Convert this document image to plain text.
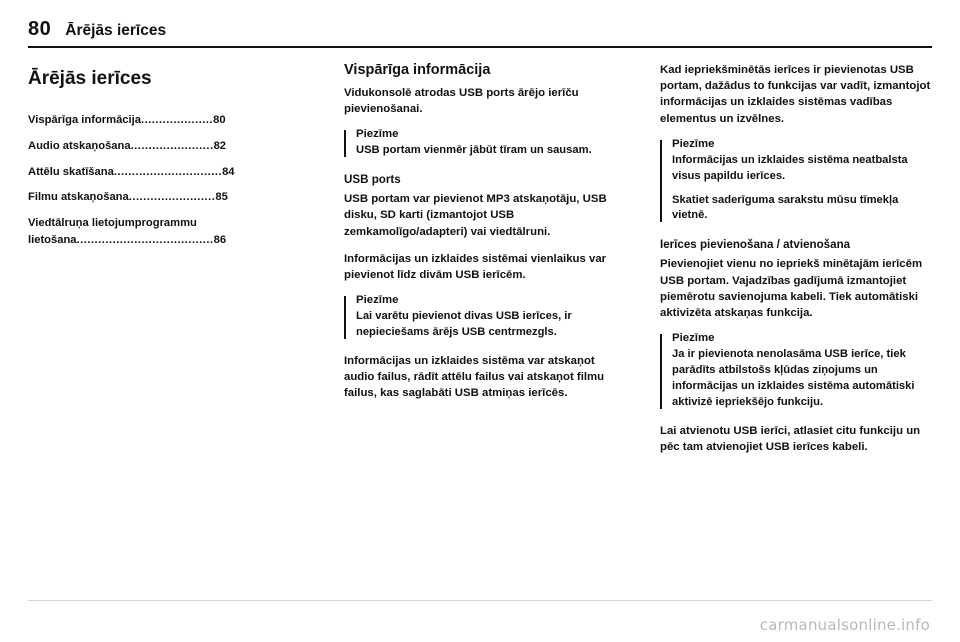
80 Ārējās ierīces
Ārējās ierīces
Vispārīga informācija....................80
Audio atskaņošana.......................82
Attēlu skatīšana..............................84
Filmu atskaņošana........................85
Viedtālruņa lietojumprogrammu lietošana......................................86
Vispārīga informācija

Vidukonsolē atrodas USB ports ārējo ierīču pievienošanai.

Piezīme

USB portam vienmēr jābūt tīram un sausam.

USB ports

USB portam var pievienot MP3 atskaņotāju, USB disku, SD karti (izmantojot USB zemkamolīgo/adapteri) vai viedtālruni.

Informācijas un izklaides sistēmai vienlaikus var pievienot līdz divām USB ierīcēm.

Piezīme

Lai varētu pievienot divas USB ierīces, ir nepieciešams ārējs USB centrmezgls.

Informācijas un izklaides sistēma var atskaņot audio failus, rādīt attēlu failus vai atskaņot filmu failus, kas saglabāti USB atmiņas ierīcēs.

Kad iepriekšminētās ierīces ir pievienotas USB portam, dažādus to funkcijas var vadīt, izmantojot informācijas un izklaides sistēmas vadības elementus un izvēlnes.

Piezīme

Informācijas un izklaides sistēma neatbalsta visus papildu ierīces.

Skatiet saderīguma sarakstu mūsu tīmekļa vietnē.

Ierīces pievienošana / atvienošana

Pievienojiet vienu no iepriekš minētajām ierīcēm USB portam. Vajadzības gadījumā izmantojiet piemērotu savienojuma kabeli. Tiek automātiski aktivizēta atskaņas funkcija.

Piezīme

Ja ir pievienota nenolasāma USB ierīce, tiek parādīts atbilstošs kļūdas ziņojums un informācijas un izklaides sistēma automātiski aktivizē iepriekšējo funkciju.

Lai atvienotu USB ierīci, atlasiet citu funkciju un pēc tam atvienojiet USB ierīces kabeli.

carmanualsonline.info
